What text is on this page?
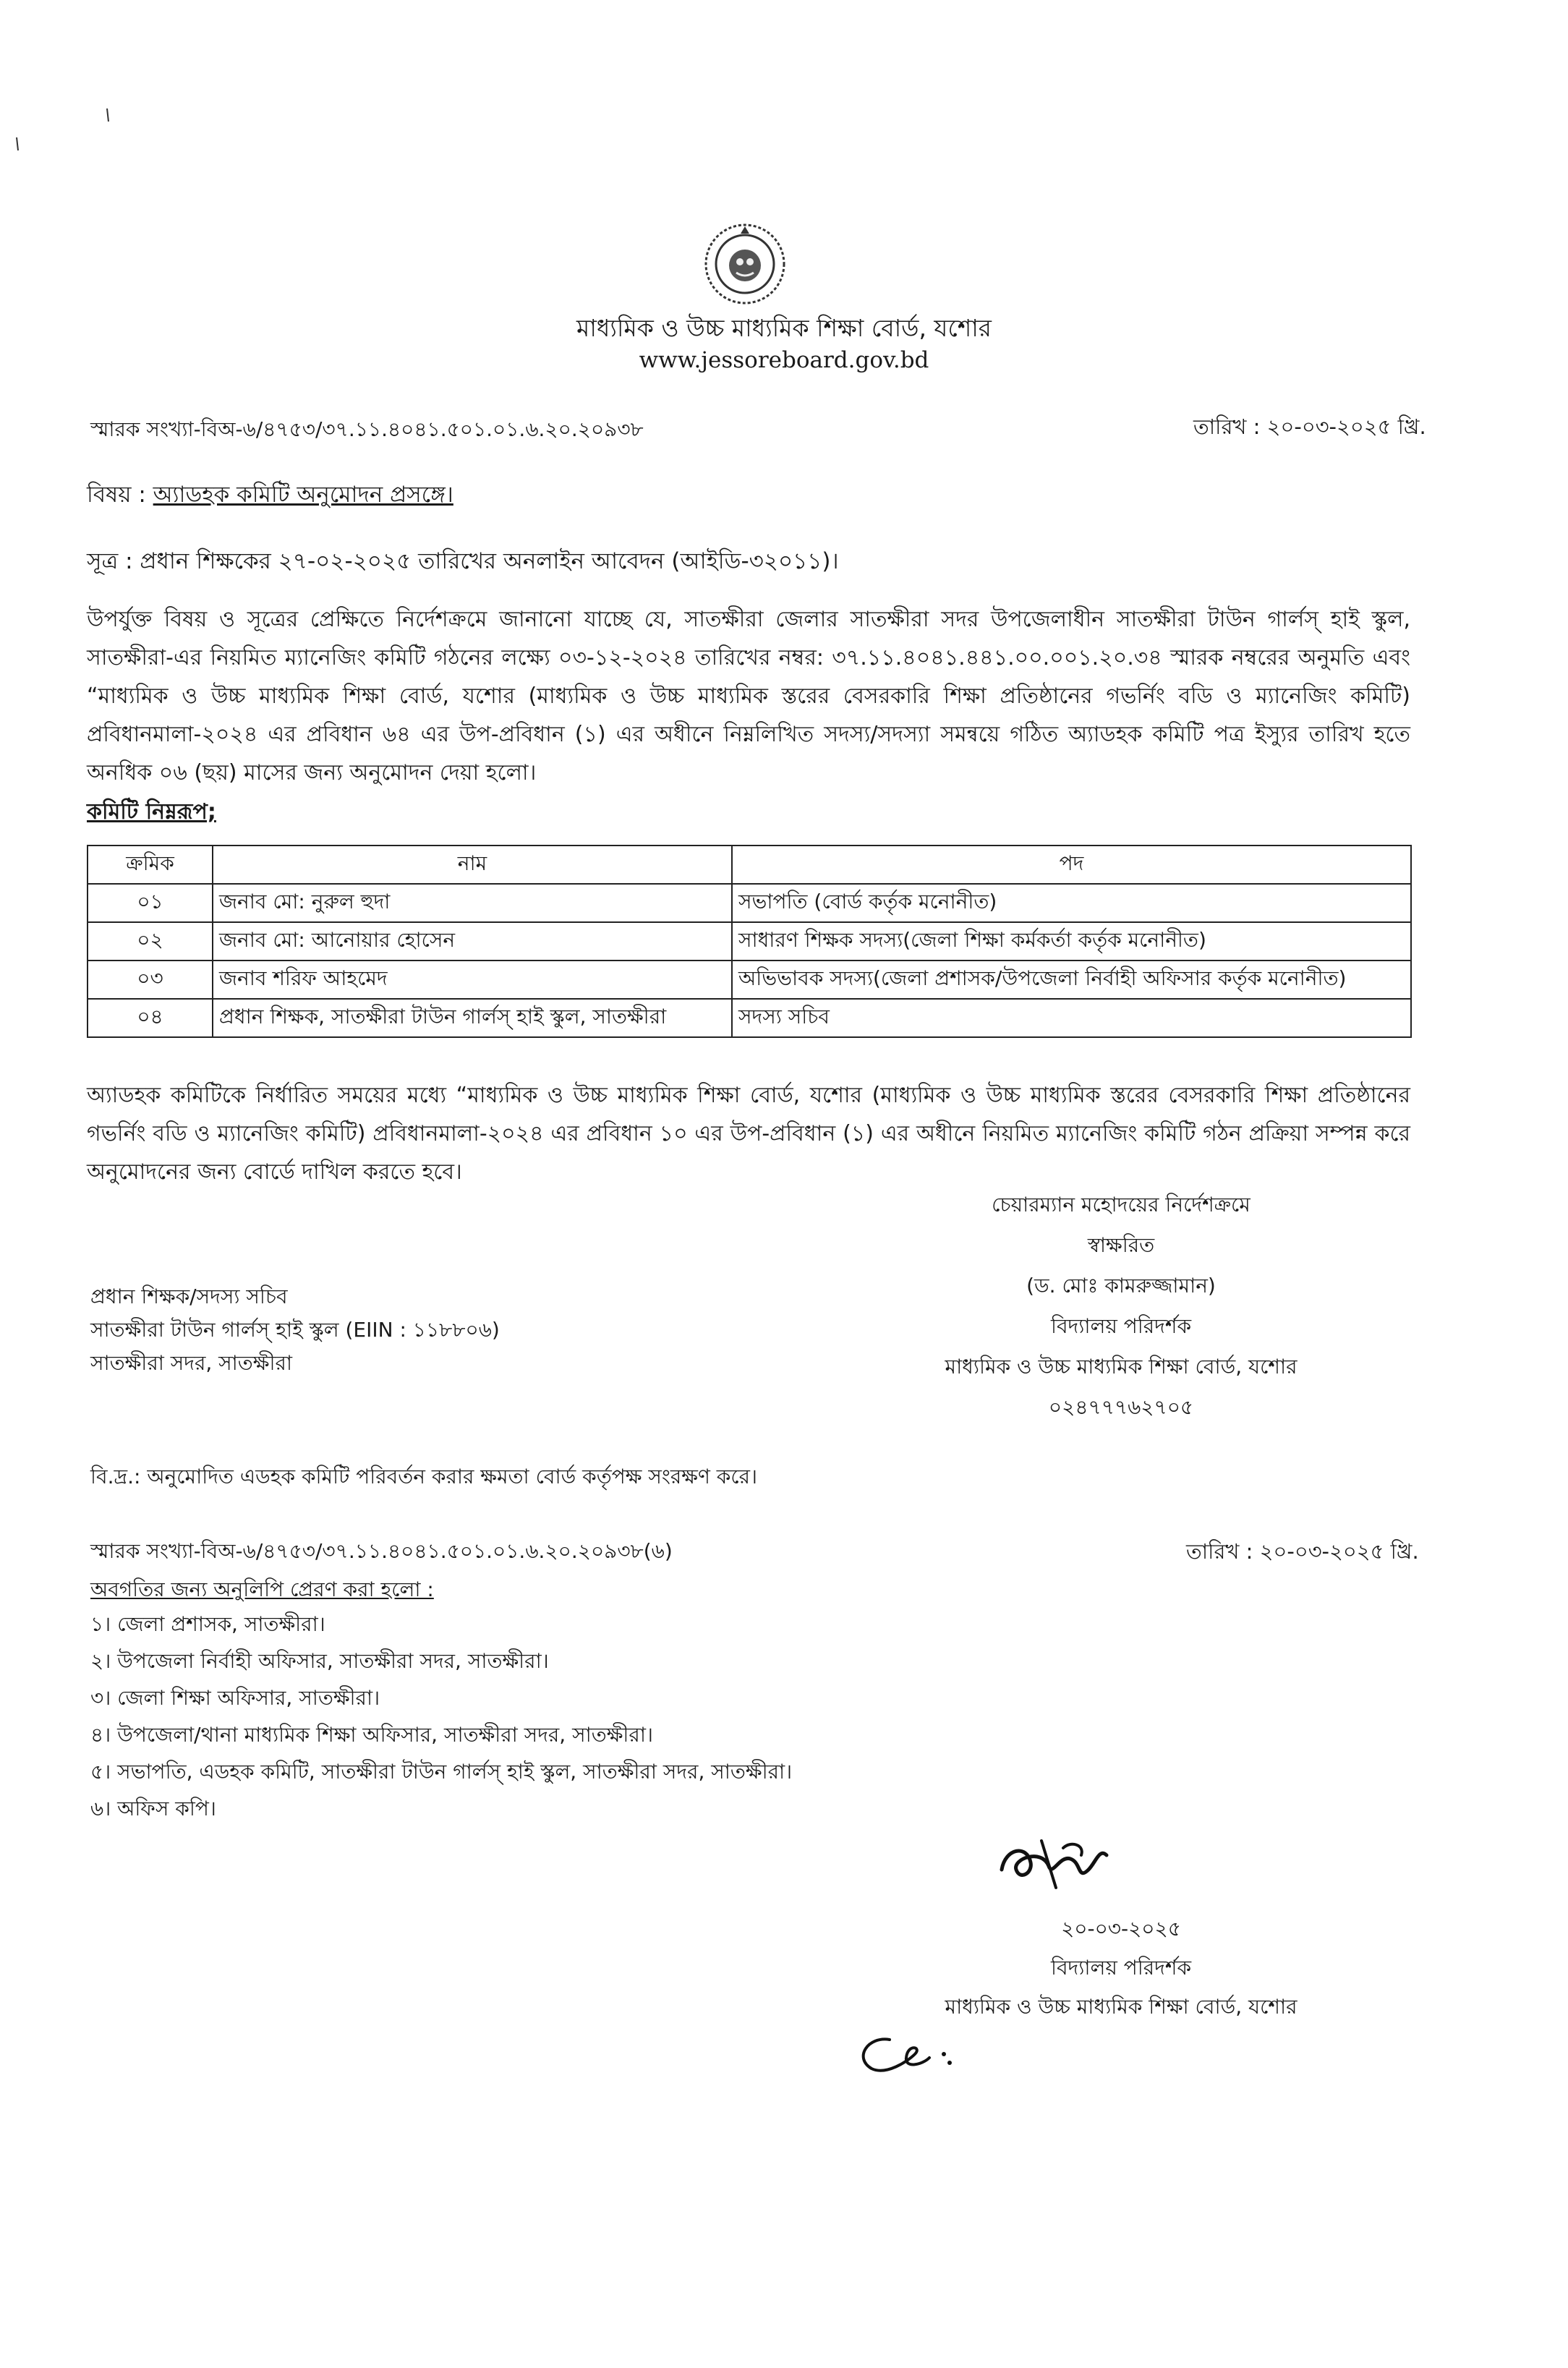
মাধ্যমিক ও উচ্চ মাধ্যমিক শিক্ষা বোর্ড, যশোর
www.jessoreboard.gov.bd
স্মারক সংখ্যা-বিঅ-৬/৪৭৫৩/৩৭.১১.৪০৪১.৫০১.০১.৬.২০.২০৯৩৮	তারিখ : ২০-০৩-২০২৫ খ্রি.
বিষয় : অ্যাডহক কমিটি অনুমোদন প্রসঙ্গে।
সূত্র : প্রধান শিক্ষকের ২৭-০২-২০২৫ তারিখের অনলাইন আবেদন (আইডি-৩২০১১)।
উপর্যুক্ত বিষয় ও সূত্রের প্রেক্ষিতে নির্দেশক্রমে জানানো যাচ্ছে যে, সাতক্ষীরা জেলার সাতক্ষীরা সদর উপজেলাধীন সাতক্ষীরা টাউন গার্লস্ হাই স্কুল, সাতক্ষীরা-এর নিয়মিত ম্যানেজিং কমিটি গঠনের লক্ষ্যে ০৩-১২-২০২৪ তারিখের নম্বর: ৩৭.১১.৪০৪১.৪৪১.০০.০০১.২০.৩৪ স্মারক নম্বরের অনুমতি এবং “মাধ্যমিক ও উচ্চ মাধ্যমিক শিক্ষা বোর্ড, যশোর (মাধ্যমিক ও উচ্চ মাধ্যমিক স্তরের বেসরকারি শিক্ষা প্রতিষ্ঠানের গভর্নিং বডি ও ম্যানেজিং কমিটি) প্রবিধানমালা-২০২৪ এর প্রবিধান ৬৪ এর উপ-প্রবিধান (১) এর অধীনে নিম্নলিখিত সদস্য/সদস্যা সমন্বয়ে গঠিত অ্যাডহক কমিটি পত্র ইস্যুর তারিখ হতে অনধিক ০৬ (ছয়) মাসের জন্য অনুমোদন দেয়া হলো।
কমিটি নিম্নরূপ;
ক্রমিক	নাম	পদ
০১	জনাব মো: নুরুল হুদা	সভাপতি (বোর্ড কর্তৃক মনোনীত)
০২	জনাব মো: আনোয়ার হোসেন	সাধারণ শিক্ষক সদস্য(জেলা শিক্ষা কর্মকর্তা কর্তৃক মনোনীত)
০৩	জনাব শরিফ আহমেদ	অভিভাবক সদস্য(জেলা প্রশাসক/উপজেলা নির্বাহী অফিসার কর্তৃক মনোনীত)
০৪	প্রধান শিক্ষক, সাতক্ষীরা টাউন গার্লস্ হাই স্কুল, সাতক্ষীরা	সদস্য সচিব
অ্যাডহক কমিটিকে নির্ধারিত সময়ের মধ্যে “মাধ্যমিক ও উচ্চ মাধ্যমিক শিক্ষা বোর্ড, যশোর (মাধ্যমিক ও উচ্চ মাধ্যমিক স্তরের বেসরকারি শিক্ষা প্রতিষ্ঠানের গভর্নিং বডি ও ম্যানেজিং কমিটি) প্রবিধানমালা-২০২৪ এর প্রবিধান ১০ এর উপ-প্রবিধান (১) এর অধীনে নিয়মিত ম্যানেজিং কমিটি গঠন প্রক্রিয়া সম্পন্ন করে অনুমোদনের জন্য বোর্ডে দাখিল করতে হবে।
চেয়ারম্যান মহোদয়ের নির্দেশক্রমে
স্বাক্ষরিত
(ড. মোঃ কামরুজ্জামান)
বিদ্যালয় পরিদর্শক
মাধ্যমিক ও উচ্চ মাধ্যমিক শিক্ষা বোর্ড, যশোর
০২৪৭৭৭৬২৭০৫
প্রধান শিক্ষক/সদস্য সচিব
সাতক্ষীরা টাউন গার্লস্ হাই স্কুল (EIIN : ১১৮৮০৬)
সাতক্ষীরা সদর, সাতক্ষীরা
বি.দ্র.: অনুমোদিত এডহক কমিটি পরিবর্তন করার ক্ষমতা বোর্ড কর্তৃপক্ষ সংরক্ষণ করে।
স্মারক সংখ্যা-বিঅ-৬/৪৭৫৩/৩৭.১১.৪০৪১.৫০১.০১.৬.২০.২০৯৩৮(৬)	তারিখ : ২০-০৩-২০২৫ খ্রি.
অবগতির জন্য অনুলিপি প্রেরণ করা হলো :
১। জেলা প্রশাসক, সাতক্ষীরা।
২। উপজেলা নির্বাহী অফিসার, সাতক্ষীরা সদর, সাতক্ষীরা।
৩। জেলা শিক্ষা অফিসার, সাতক্ষীরা।
৪। উপজেলা/থানা মাধ্যমিক শিক্ষা অফিসার, সাতক্ষীরা সদর, সাতক্ষীরা।
৫। সভাপতি, এডহক কমিটি, সাতক্ষীরা টাউন গার্লস্ হাই স্কুল, সাতক্ষীরা সদর, সাতক্ষীরা।
৬। অফিস কপি।
২০-০৩-২০২৫
বিদ্যালয় পরিদর্শক
মাধ্যমিক ও উচ্চ মাধ্যমিক শিক্ষা বোর্ড, যশোর
